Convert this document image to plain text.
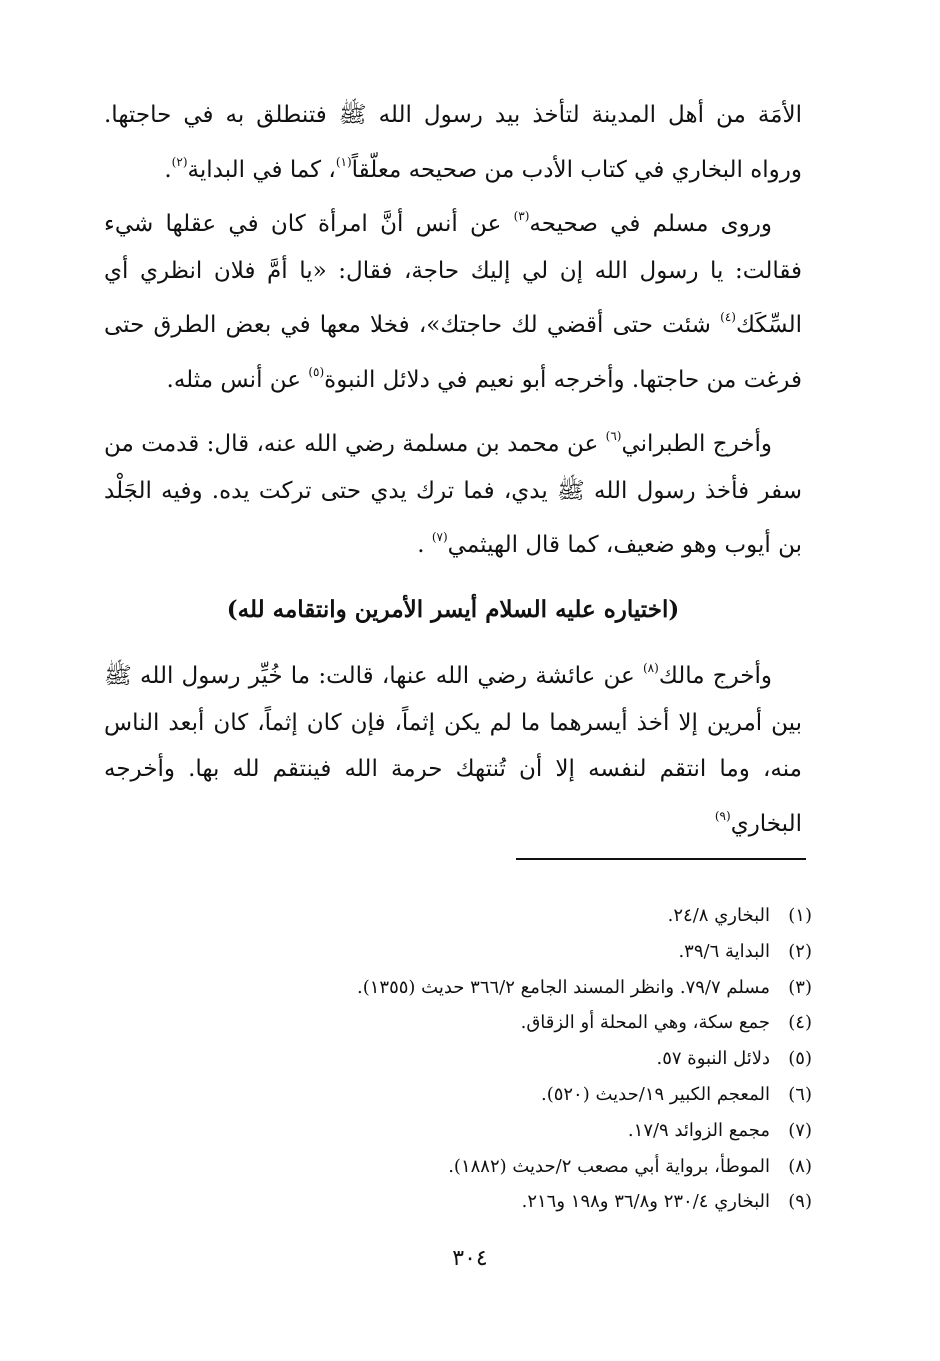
الأمَة من أهل المدينة لتأخذ بيد رسول الله ﷺ فتنطلق به في حاجتها. ورواه البخاري في كتاب الأدب من صحيحه معلّقاً$^{(١)}$، كما في البداية$^{(٢)}$.

وروى مسلم في صحيحه$^{(٣)}$ عن أنس أنَّ امرأة كان في عقلها شيء فقالت: يا رسول الله إن لي إليك حاجة، فقال: «يا أمَّ فلان انظري أي السِّكَك$^{(٤)}$ شئت حتى أقضي لك حاجتك»، فخلا معها في بعض الطرق حتى فرغت من حاجتها. وأخرجه أبو نعيم في دلائل النبوة$^{(٥)}$ عن أنس مثله.

وأخرج الطبراني$^{(٦)}$ عن محمد بن مسلمة رضي الله عنه، قال: قدمت من سفر فأخذ رسول الله ﷺ يدي، فما ترك يدي حتى تركت يده. وفيه الجَلْد بن أيوب وهو ضعيف، كما قال الهيثمي$^{(٧)}$ .

(اختياره عليه السلام أيسر الأمرين وانتقامه لله)

وأخرج مالك$^{(٨)}$ عن عائشة رضي الله عنها، قالت: ما خُيِّر رسول الله ﷺ بين أمرين إلا أخذ أيسرهما ما لم يكن إثماً، فإن كان إثماً، كان أبعد الناس منه، وما انتقم لنفسه إلا أن تُنتهك حرمة الله فينتقم لله بها. وأخرجه البخاري$^{(٩)}$

(١)
البخاري ٢٤/٨.
(٢)
البداية ٣٩/٦.
(٣)
مسلم ٧٩/٧. وانظر المسند الجامع ٣٦٦/٢ حديث (١٣٥٥).
(٤)
جمع سكة، وهي المحلة أو الزقاق.
(٥)
دلائل النبوة ٥٧.
(٦)
المعجم الكبير ١٩/حديث (٥٢٠).
(٧)
مجمع الزوائد ١٧/٩.
(٨)
الموطأ، برواية أبي مصعب ٢/حديث (١٨٨٢).
(٩)
البخاري ٢٣٠/٤ و٣٦/٨ و١٩٨ و٢١٦.
٣٠٤
